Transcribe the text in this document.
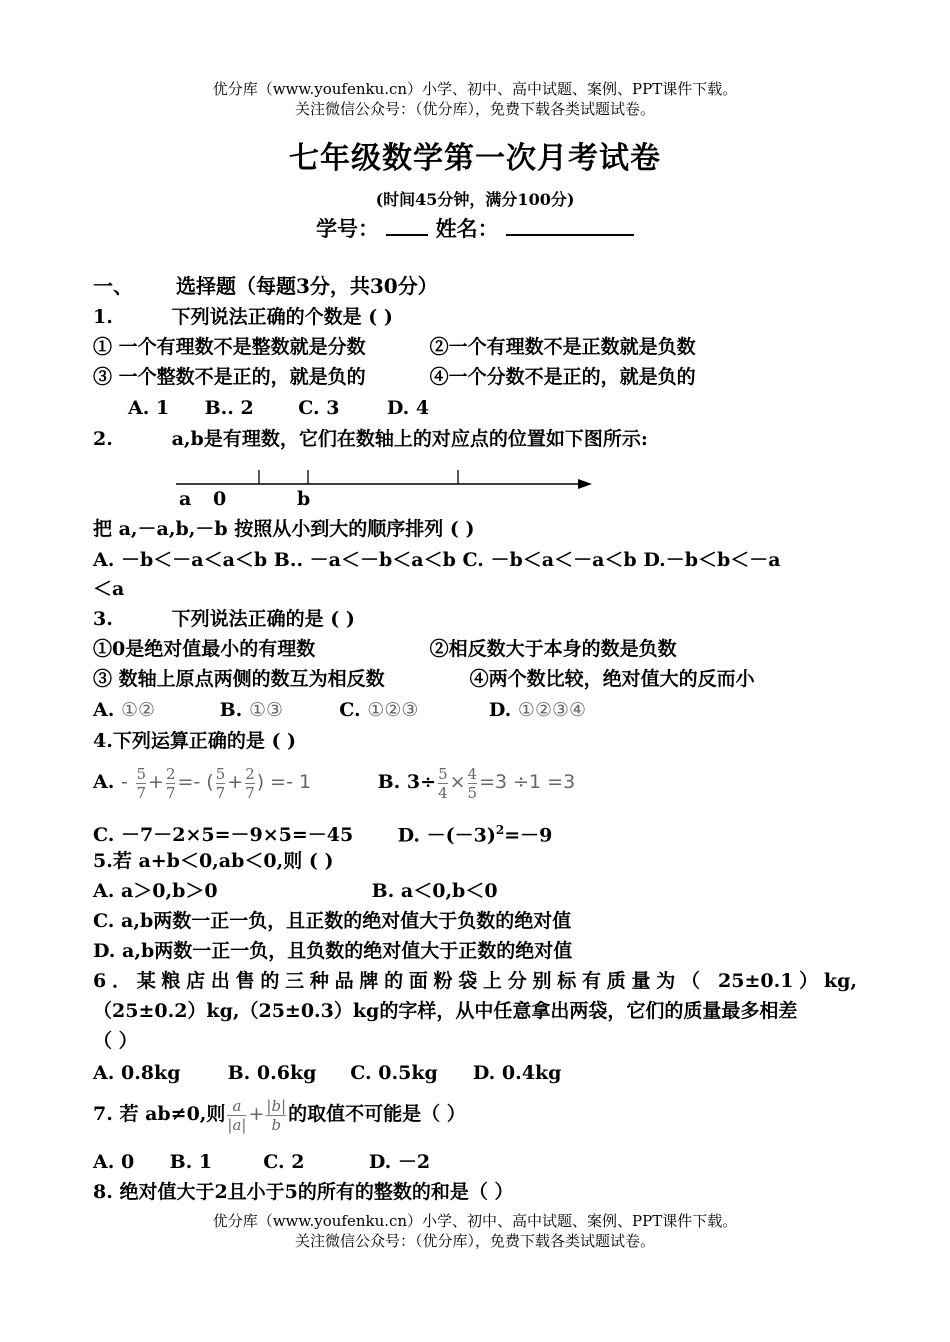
优分库（www.youfenku.cn）小学、初中、高中试题、案例、PPT课件下载。
关注微信公众号：（优分库），免费下载各类试题试卷。
七年级数学第一次月考试卷
(时间45分钟，满分100分)
学号：	姓名：
一、 选择题（每题3分，共30分）
1.	下列说法正确的个数是 ( )
① 一个有理数不是整数就是分数	②一个有理数不是正数就是负数
③ 一个整数不是正的，就是负的	④一个分数不是正的，就是负的
A. 1 B.. 2 C. 3 D. 4
2.	a,b是有理数，它们在数轴上的对应点的位置如下图所示:
a 0	b
把 a,－a,b,－b 按照从小到大的顺序排列 ( )
A. －b＜－a＜a＜b B.. －a＜－b＜a＜b C. －b＜a＜－a＜b D.－b＜b＜－a
＜a
3.	下列说法正确的是 ( )
①0是绝对值最小的有理数	②相反数大于本身的数是负数
③ 数轴上原点两侧的数互为相反数	④两个数比较，绝对值大的反而小
A. ①②	B. ①③	C. ①②③	D. ①②③④
4.下列运算正确的是 ( )
A. - $\frac{5}{7} + \frac{2}{7}$ =- ( $\frac{5}{7} + \frac{2}{7}$ ) =- 1	B. $3\div \frac{5}{4} \times \frac{4}{5} =3 \div 1 =3$
C. －7－2×5=－9×5=－45 D. $-(-3)^2=-9$
5.若 a+b＜0,ab＜0,则 ( )
A. a＞0,b＞0	B. a＜0,b＜0
C. a,b两数一正一负，且正数的绝对值大于负数的绝对值
D. a,b两数一正一负，且负数的绝对值大于正数的绝对值
6．某粮店出售的三种品牌的面粉袋上分别标有质量为（ 25±0.1）kg,
（25±0.2）kg,（25±0.3）kg的字样，从中任意拿出两袋，它们的质量最多相差
（ ）
A. 0.8kg B. 0.6kg C. 0.5kg D. 0.4kg
7. 若 ab≠0,则 $\frac{a}{|a|} + \frac{|b|}{b}$ 的取值不可能是（ ）
A. 0 B. 1	C. 2	D. －2
8. 绝对值大于2且小于5的所有的整数的和是（ ）
优分库（www.youfenku.cn）小学、初中、高中试题、案例、PPT课件下载。
关注微信公众号：（优分库），免费下载各类试题试卷。
